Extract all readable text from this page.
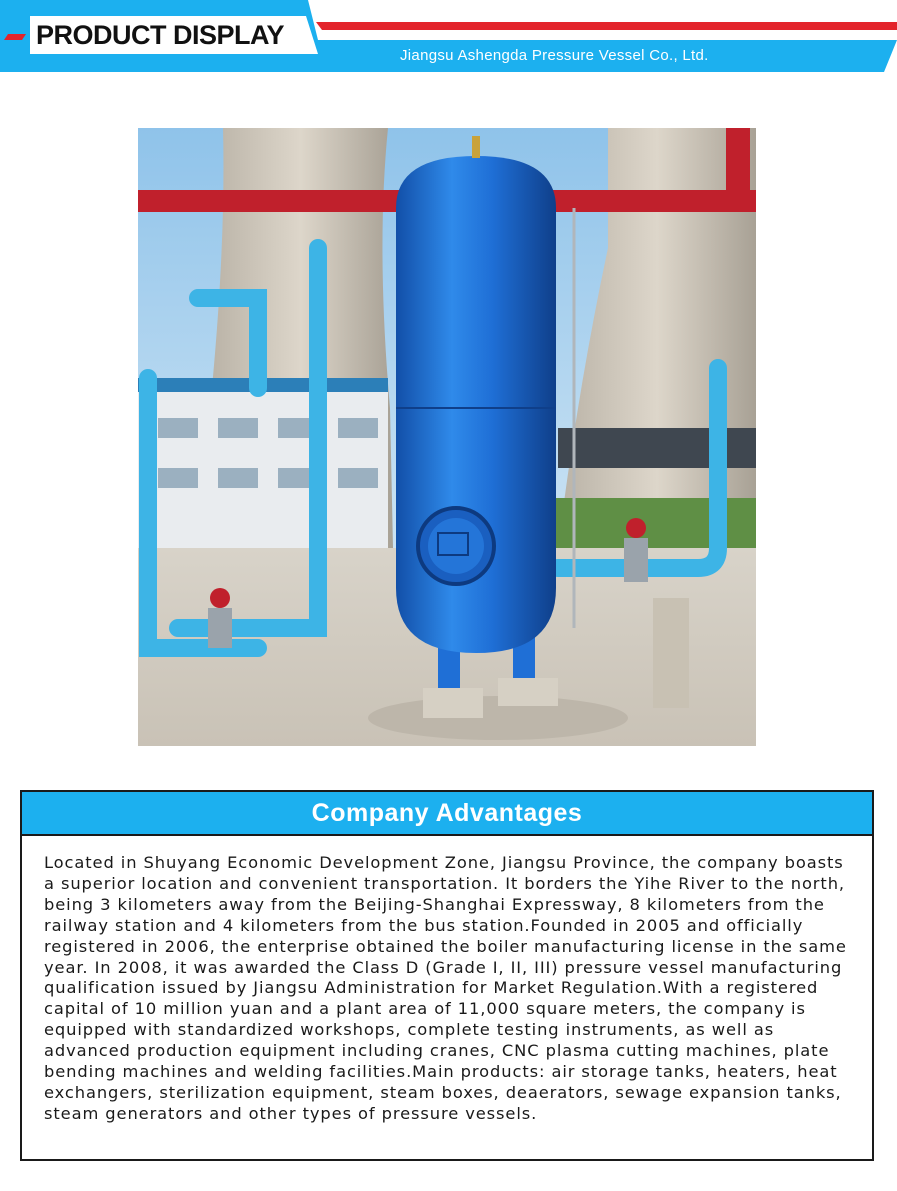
PRODUCT DISPLAY
Jiangsu Ashengda Pressure Vessel Co., Ltd.
Company Advantages
Located in Shuyang Economic Development Zone, Jiangsu Province, the company boasts a superior location and convenient transportation. It borders the Yihe River to the north, being 3 kilometers away from the Beijing-Shanghai Expressway, 8 kilometers from the railway station and 4 kilometers from the bus station.Founded in 2005 and officially registered in 2006, the enterprise obtained the boiler manufacturing license in the same year. In 2008, it was awarded the Class D (Grade I, II, III) pressure vessel manufacturing qualification issued by Jiangsu Administration for Market Regulation.With a registered capital of 10 million yuan and a plant area of 11,000 square meters, the company is equipped with standardized workshops, complete testing instruments, as well as advanced production equipment including cranes, CNC plasma cutting machines, plate bending machines and welding facilities.Main products: air storage tanks, heaters, heat exchangers, sterilization equipment, steam boxes, deaerators, sewage expansion tanks, steam generators and other types of pressure vessels.
